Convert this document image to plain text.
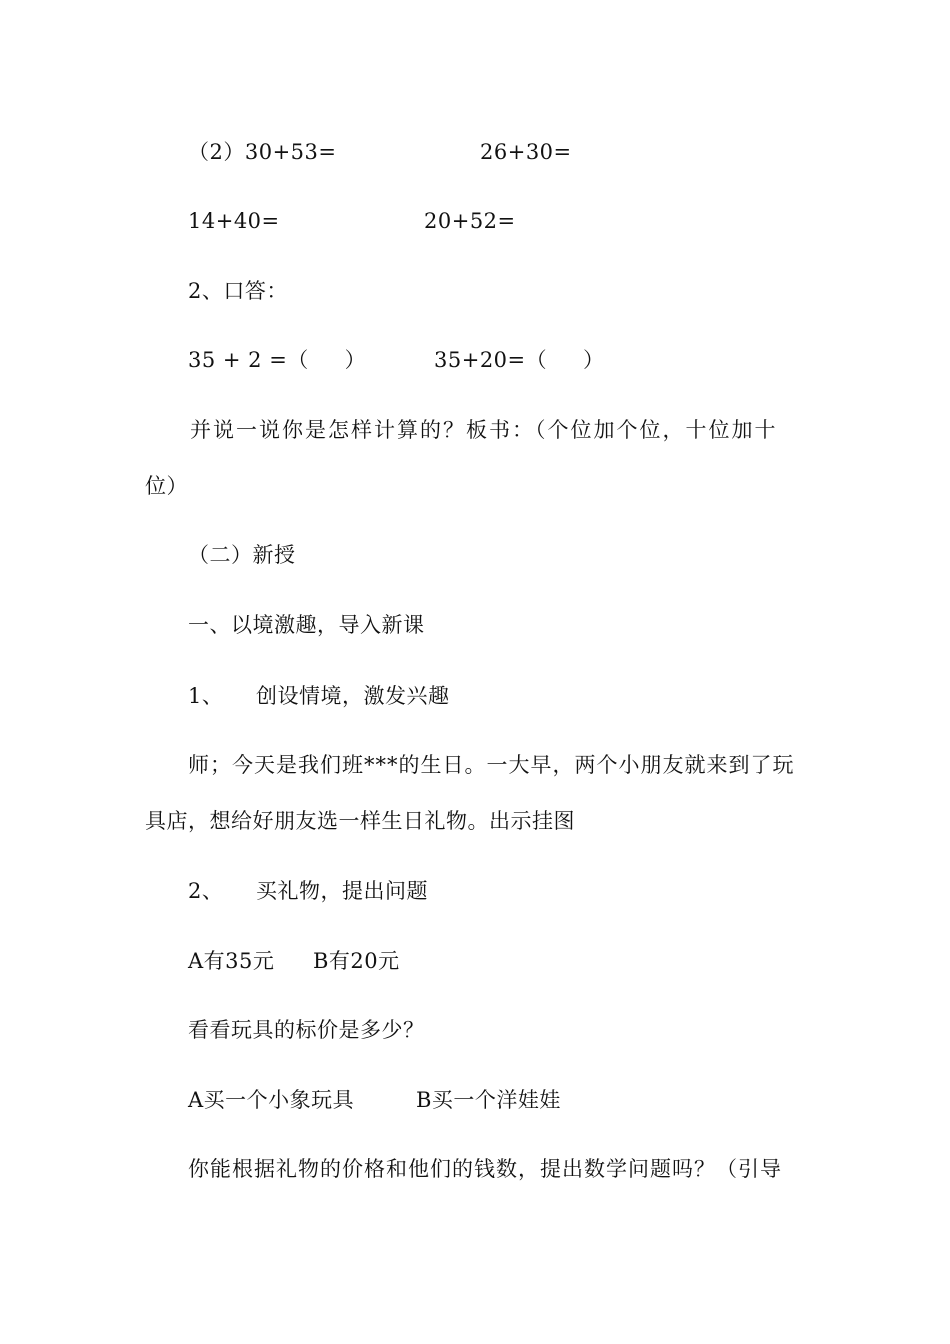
（2）30+53=	26+30=
14+40=	20+52=
2、口答：
35 + 2 =（     ）	35+20=（     ）
并说一说你是怎样计算的？板书：（个位加个位，十位加十
位）
（二）新授
一、以境激趣，导入新课
1、 创设情境，激发兴趣
师；今天是我们班***的生日。一大早，两个小朋友就来到了玩
具店，想给好朋友选一样生日礼物。出示挂图
2、 买礼物，提出问题
A有35元 B有20元
看看玩具的标价是多少？
A买一个小象玩具	B买一个洋娃娃
你能根据礼物的价格和他们的钱数，提出数学问题吗？（引导
